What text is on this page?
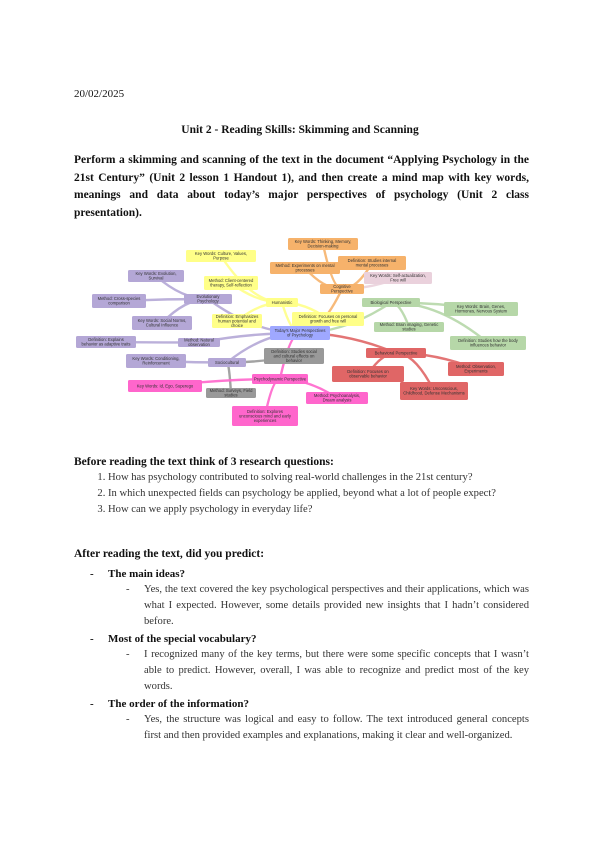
20/02/2025
Unit 2 - Reading Skills: Skimming and Scanning
Perform a skimming and scanning of the text in the document “Applying Psychology in the 21st Century” (Unit 2 lesson 1 Handout 1), and then create a mind map with key words, meanings and data about today’s major perspectives of psychology (Unit 2 class presentation).
Today's Major Perspectives
of Psychology
Key Words: Thinking, Memory,
Decision-making
Method: Experiments on mental
processes
Cognitive
Perspective
Definition: Studies internal
mental processes
Key Words: Self-actualization,
Free will
Humanistic
Method: Client-centered
therapy, Self-reflection
Definition: Focuses on personal
growth and free will
Definition: Emphasizes
human potential and
choice
Key Words: Culture, Values,
Purpose
Biological Perspective
Key Words: Brain, Genes,
Hormones, Nervous System
Method: Brain imaging, Genetic
studies
Definition: Studies how the body
influences behavior
Key Words: Evolution,
Survival
Evolutionary
Psychology
Method: Cross-species
comparison
Key Words: Social Norms,
Cultural Influence
Definition: Explains
behavior as adaptive traits
Method: Natural
observation
Sociocultural
Key Words: Conditioning,
Reinforcement
Definition: Studies social
and cultural effects on
behavior
Method: Surveys, Field
studies
Behavioral Perspective
Definition: Focuses on
observable behavior
Method: Observation,
Experiments
Key Words: Unconscious,
Childhood, Defense Mechanisms
Psychodynamic Perspective
Method: Psychoanalysis,
Dream analysis
Key Words: Id, Ego, Superego
Definition: Explores
unconscious mind and early
experiences
Before reading the text think of 3 research questions:
1. How has psychology contributed to solving real-world challenges in the 21st century?
2. In which unexpected fields can psychology be applied, beyond what a lot of people expect?
3. How can we apply psychology in everyday life?
After reading the text, did you predict:
- The main ideas?
- Yes, the text covered the key psychological perspectives and their applications, which was what I expected. However, some details provided new insights that I hadn’t considered before.
- Most of the special vocabulary?
- I recognized many of the key terms, but there were some specific concepts that I wasn’t able to predict. However, overall, I was able to recognize and predict most of the key words.
- The order of the information?
- Yes, the structure was logical and easy to follow. The text introduced general concepts first and then provided examples and explanations, making it clear and well-organized.
